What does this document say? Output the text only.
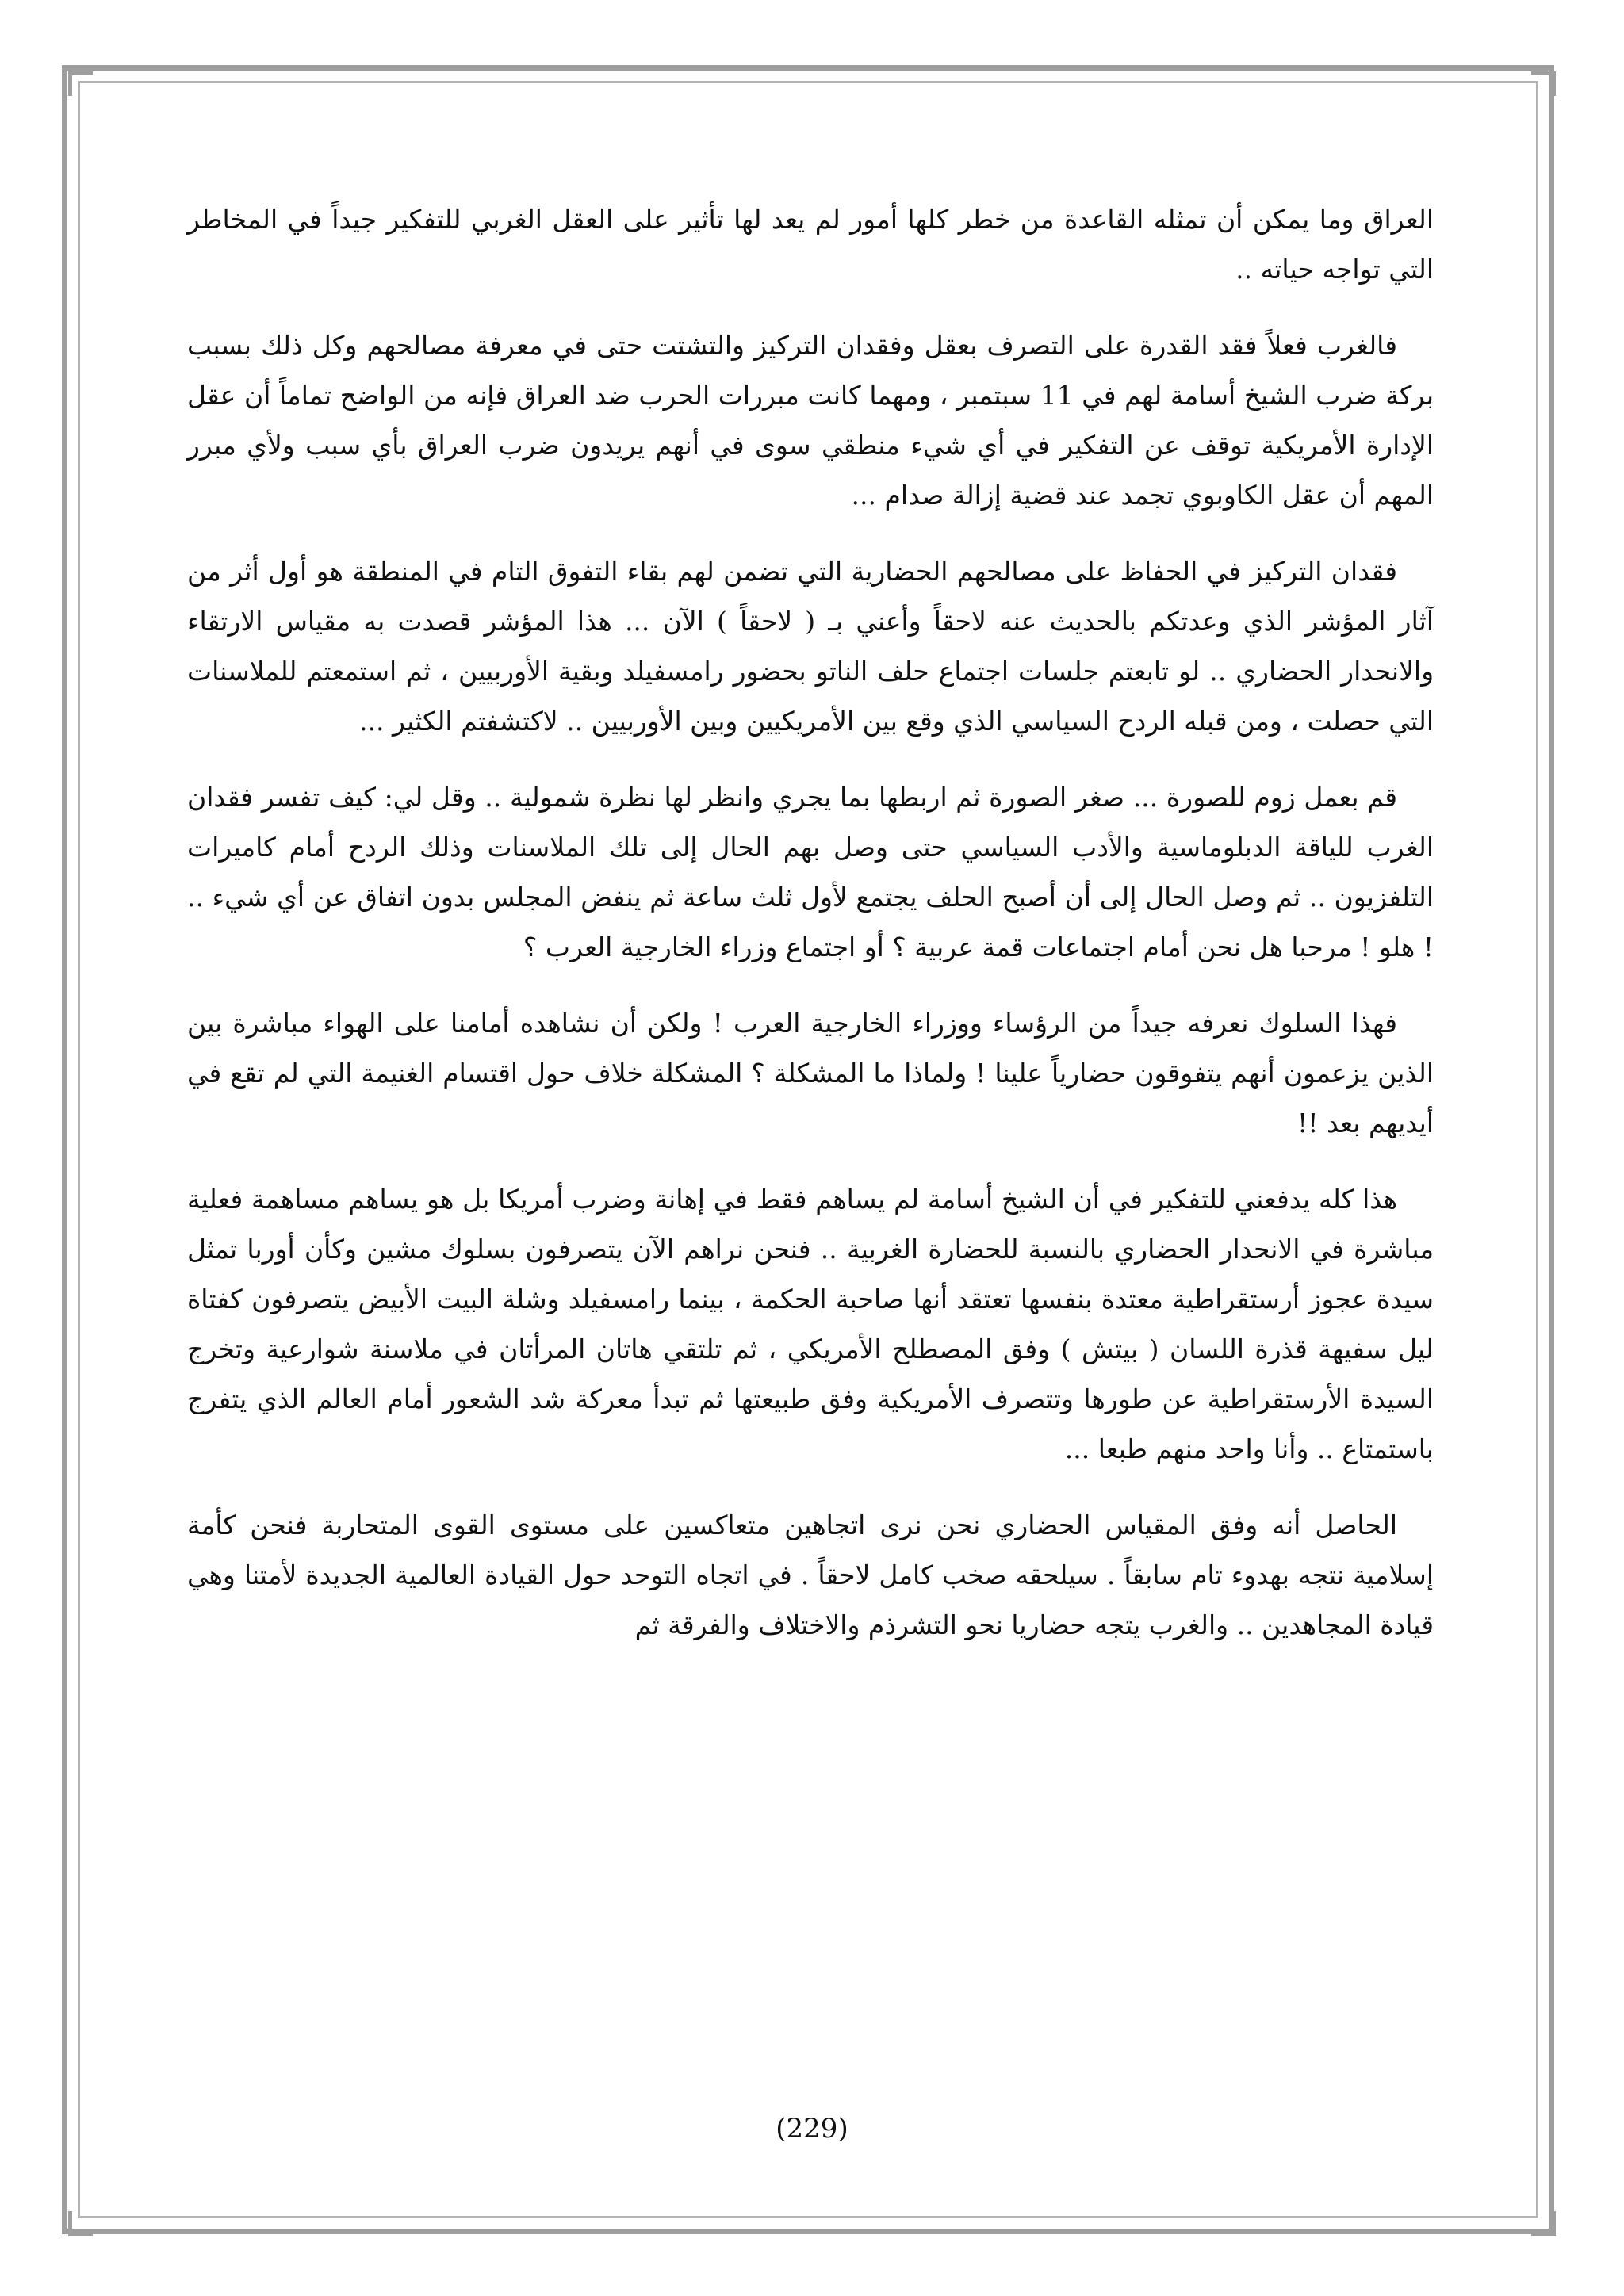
العراق وما يمكن أن تمثله القاعدة من خطر كلها أمور لم يعد لها تأثير على العقل الغربي للتفكير جيداً في المخاطر التي تواجه حياته ..

فالغرب فعلاً فقد القدرة على التصرف بعقل وفقدان التركيز والتشتت حتى في معرفة مصالحهم وكل ذلك بسبب بركة ضرب الشيخ أسامة لهم في 11 سبتمبر ، ومهما كانت مبررات الحرب ضد العراق فإنه من الواضح تماماً أن عقل الإدارة الأمريكية توقف عن التفكير في أي شيء منطقي سوى في أنهم يريدون ضرب العراق بأي سبب ولأي مبرر المهم أن عقل الكاوبوي تجمد عند قضية إزالة صدام ...

فقدان التركيز في الحفاظ على مصالحهم الحضارية التي تضمن لهم بقاء التفوق التام في المنطقة هو أول أثر من آثار المؤشر الذي وعدتكم بالحديث عنه لاحقاً وأعني بـ ( لاحقاً ) الآن ... هذا المؤشر قصدت به مقياس الارتقاء والانحدار الحضاري .. لو تابعتم جلسات اجتماع حلف الناتو بحضور رامسفيلد وبقية الأوربيين ، ثم استمعتم للملاسنات التي حصلت ، ومن قبله الردح السياسي الذي وقع بين الأمريكيين وبين الأوربيين .. لاكتشفتم الكثير ...

قم بعمل زوم للصورة ... صغر الصورة ثم اربطها بما يجري وانظر لها نظرة شمولية .. وقل لي: كيف تفسر فقدان الغرب للياقة الدبلوماسية والأدب السياسي حتى وصل بهم الحال إلى تلك الملاسنات وذلك الردح أمام كاميرات التلفزيون .. ثم وصل الحال إلى أن أصبح الحلف يجتمع لأول ثلث ساعة ثم ينفض المجلس بدون اتفاق عن أي شيء .. ! هلو ! مرحبا هل نحن أمام اجتماعات قمة عربية ؟ أو اجتماع وزراء الخارجية العرب ؟

فهذا السلوك نعرفه جيداً من الرؤساء ووزراء الخارجية العرب ! ولكن أن نشاهده أمامنا على الهواء مباشرة بين الذين يزعمون أنهم يتفوقون حضارياً علينا ! ولماذا ما المشكلة ؟ المشكلة خلاف حول اقتسام الغنيمة التي لم تقع في أيديهم بعد !!

هذا كله يدفعني للتفكير في أن الشيخ أسامة لم يساهم فقط في إهانة وضرب أمريكا بل هو يساهم مساهمة فعلية مباشرة في الانحدار الحضاري بالنسبة للحضارة الغربية .. فنحن نراهم الآن يتصرفون بسلوك مشين وكأن أوربا تمثل سيدة عجوز أرستقراطية معتدة بنفسها تعتقد أنها صاحبة الحكمة ، بينما رامسفيلد وشلة البيت الأبيض يتصرفون كفتاة ليل سفيهة قذرة اللسان ( بيتش ) وفق المصطلح الأمريكي ، ثم تلتقي هاتان المرأتان في ملاسنة شوارعية وتخرج السيدة الأرستقراطية عن طورها وتتصرف الأمريكية وفق طبيعتها ثم تبدأ معركة شد الشعور أمام العالم الذي يتفرج باستمتاع .. وأنا واحد منهم طبعا ...

الحاصل أنه وفق المقياس الحضاري نحن نرى اتجاهين متعاكسين على مستوى القوى المتحاربة فنحن كأمة إسلامية نتجه بهدوء تام سابقاً . سيلحقه صخب كامل لاحقاً . في اتجاه التوحد حول القيادة العالمية الجديدة لأمتنا وهي قيادة المجاهدين .. والغرب يتجه حضاريا نحو التشرذم والاختلاف والفرقة ثم

(229)
